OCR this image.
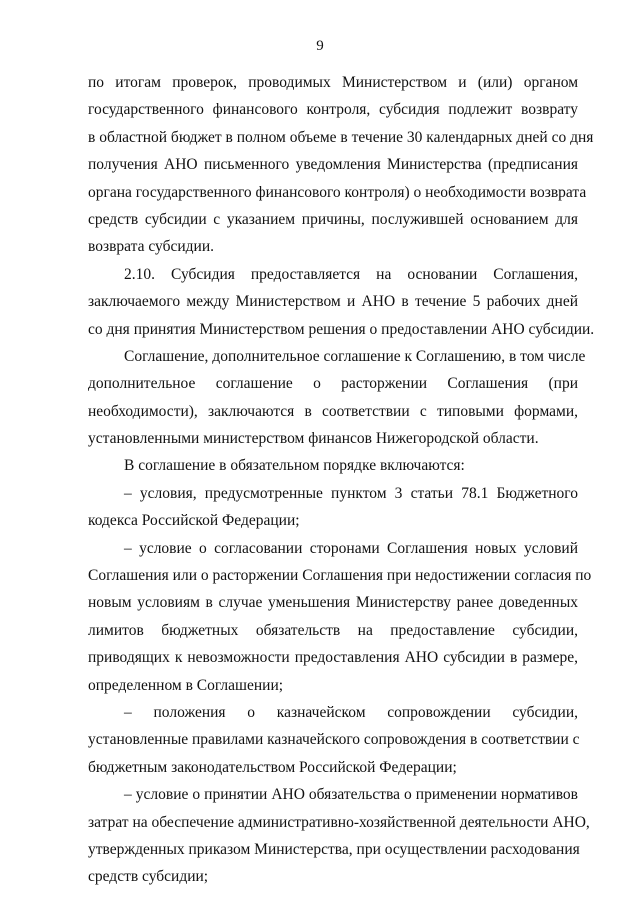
9
по итогам проверок, проводимых Министерством и (или) органом
государственного финансового контроля, субсидия подлежит возврату
в областной бюджет в полном объеме в течение 30 календарных дней со дня
получения АНО письменного уведомления Министерства (предписания
органа государственного финансового контроля) о необходимости возврата
средств субсидии с указанием причины, послужившей основанием для
возврата субсидии.
2.10. Субсидия предоставляется на основании Соглашения,
заключаемого между Министерством и АНО в течение 5 рабочих дней
со дня принятия Министерством решения о предоставлении АНО субсидии.
Соглашение, дополнительное соглашение к Соглашению, в том числе
дополнительное соглашение о расторжении Соглашения (при
необходимости), заключаются в соответствии с типовыми формами,
установленными министерством финансов Нижегородской области.
В соглашение в обязательном порядке включаются:
– условия, предусмотренные пунктом 3 статьи 78.1 Бюджетного
кодекса Российской Федерации;
– условие о согласовании сторонами Соглашения новых условий
Соглашения или о расторжении Соглашения при недостижении согласия по
новым условиям в случае уменьшения Министерству ранее доведенных
лимитов бюджетных обязательств на предоставление субсидии,
приводящих к невозможности предоставления АНО субсидии в размере,
определенном в Соглашении;
– положения о казначейском сопровождении субсидии,
установленные правилами казначейского сопровождения в соответствии с
бюджетным законодательством Российской Федерации;
– условие о принятии АНО обязательства о применении нормативов
затрат на обеспечение административно-хозяйственной деятельности АНО,
утвержденных приказом Министерства, при осуществлении расходования
средств субсидии;
